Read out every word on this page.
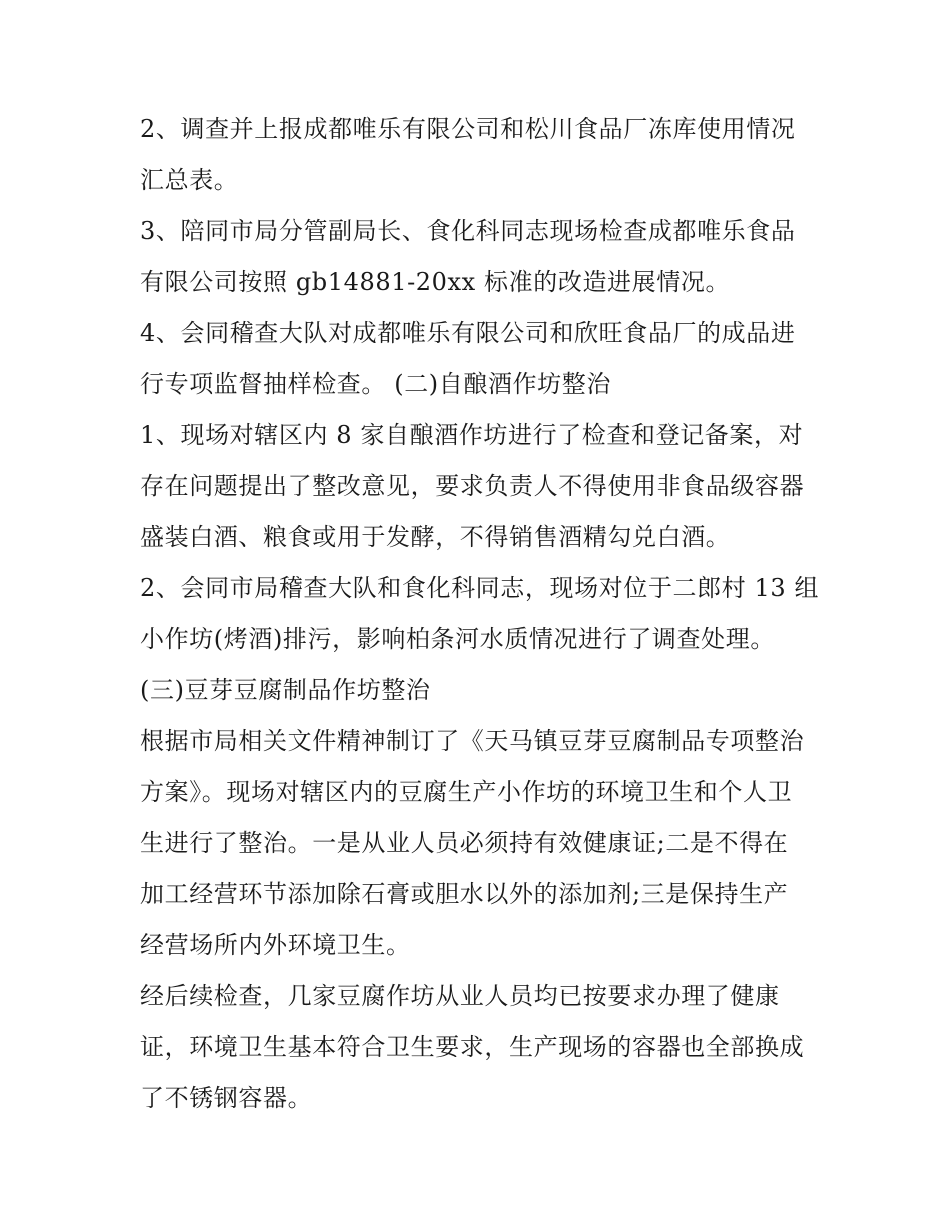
2、调查并上报成都唯乐有限公司和松川食品厂冻库使用情况
汇总表。
3、陪同市局分管副局长、食化科同志现场检查成都唯乐食品
有限公司按照 gb14881-20xx 标准的改造进展情况。
4、会同稽查大队对成都唯乐有限公司和欣旺食品厂的成品进
行专项监督抽样检查。 (二)自酿酒作坊整治
1、现场对辖区内 8 家自酿酒作坊进行了检查和登记备案，对
存在问题提出了整改意见，要求负责人不得使用非食品级容器
盛装白酒、粮食或用于发酵，不得销售酒精勾兑白酒。
2、会同市局稽查大队和食化科同志，现场对位于二郎村 13 组
小作坊(烤酒)排污，影响柏条河水质情况进行了调查处理。
(三)豆芽豆腐制品作坊整治
根据市局相关文件精神制订了《天马镇豆芽豆腐制品专项整治
方案》。现场对辖区内的豆腐生产小作坊的环境卫生和个人卫
生进行了整治。一是从业人员必须持有效健康证;二是不得在
加工经营环节添加除石膏或胆水以外的添加剂;三是保持生产
经营场所内外环境卫生。
经后续检查，几家豆腐作坊从业人员均已按要求办理了健康
证，环境卫生基本符合卫生要求，生产现场的容器也全部换成
了不锈钢容器。
